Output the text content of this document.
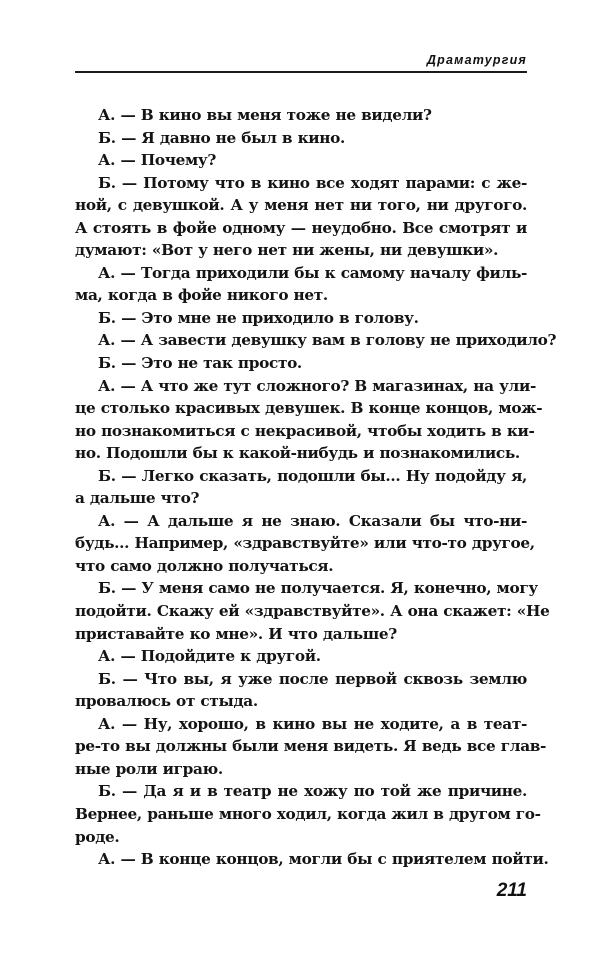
Драматургия
А. — В кино вы меня тоже не видели?
Б. — Я давно не был в кино.
А. — Почему?
Б. — Потому что в кино все ходят парами: с же-
ной, с девушкой. А у меня нет ни того, ни другого.
А стоять в фойе одному — неудобно. Все смотрят и
думают: «Вот у него нет ни жены, ни девушки».
А. — Тогда приходили бы к самому началу филь-
ма, когда в фойе никого нет.
Б. — Это мне не приходило в голову.
А. — А завести девушку вам в голову не приходило?
Б. — Это не так просто.
А. — А что же тут сложного? В магазинах, на ули-
це столько красивых девушек. В конце концов, мож-
но познакомиться с некрасивой, чтобы ходить в ки-
но. Подошли бы к какой-нибудь и познакомились.
Б. — Легко сказать, подошли бы... Ну подойду я,
а дальше что?
А. — А дальше я не знаю. Сказали бы что-ни-
будь... Например, «здравствуйте» или что-то другое,
что само должно получаться.
Б. — У меня само не получается. Я, конечно, могу
подойти. Скажу ей «здравствуйте». А она скажет: «Не
приставайте ко мне». И что дальше?
А. — Подойдите к другой.
Б. — Что вы, я уже после первой сквозь землю
провалюсь от стыда.
А. — Ну, хорошо, в кино вы не ходите, а в теат-
ре-то вы должны были меня видеть. Я ведь все глав-
ные роли играю.
Б. — Да я и в театр не хожу по той же причине.
Вернее, раньше много ходил, когда жил в другом го-
роде.
А. — В конце концов, могли бы с приятелем пойти.
211
